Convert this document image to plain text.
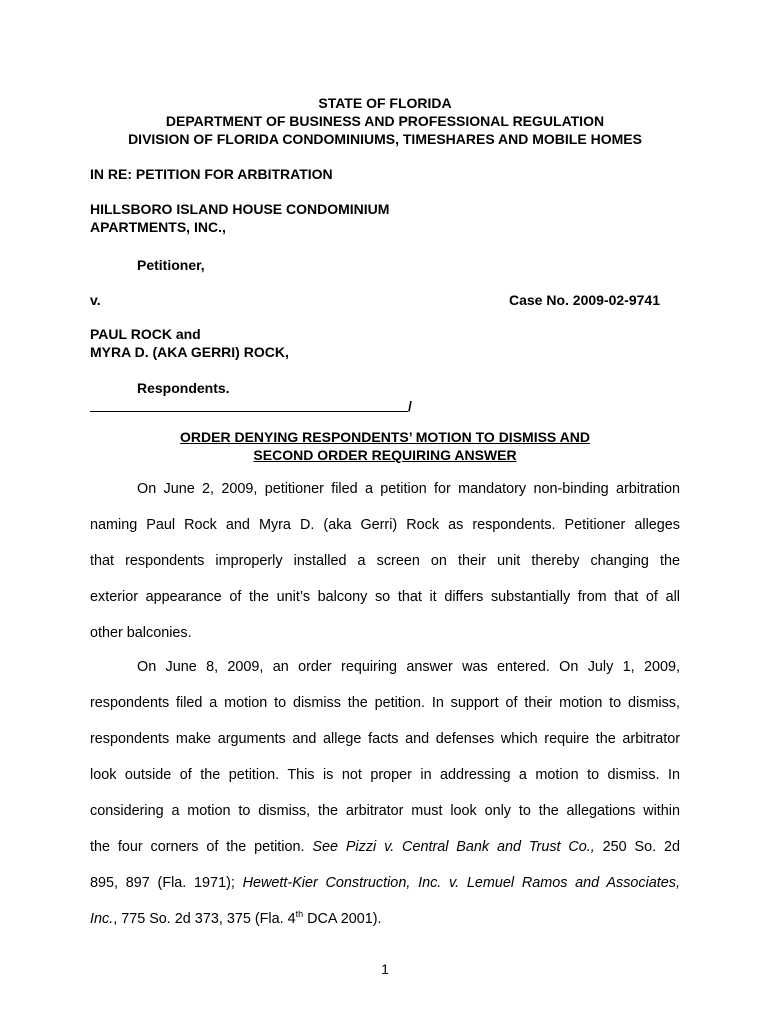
STATE OF FLORIDA
DEPARTMENT OF BUSINESS AND PROFESSIONAL REGULATION
DIVISION OF FLORIDA CONDOMINIUMS, TIMESHARES AND MOBILE HOMES
IN RE: PETITION FOR ARBITRATION
HILLSBORO ISLAND HOUSE CONDOMINIUM
APARTMENTS, INC.,
Petitioner,
v.	Case No. 2009-02-9741
PAUL ROCK and
MYRA D. (AKA GERRI) ROCK,
Respondents.
/
ORDER DENYING RESPONDENTS’ MOTION TO DISMISS AND
SECOND ORDER REQUIRING ANSWER
On June 2, 2009, petitioner filed a petition for mandatory non-binding arbitration
naming Paul Rock and Myra D. (aka Gerri) Rock as respondents. Petitioner alleges
that respondents improperly installed a screen on their unit thereby changing the
exterior appearance of the unit’s balcony so that it differs substantially from that of all
other balconies.
On June 8, 2009, an order requiring answer was entered. On July 1, 2009,
respondents filed a motion to dismiss the petition. In support of their motion to dismiss,
respondents make arguments and allege facts and defenses which require the arbitrator
look outside of the petition. This is not proper in addressing a motion to dismiss. In
considering a motion to dismiss, the arbitrator must look only to the allegations within
the four corners of the petition. See Pizzi v. Central Bank and Trust Co., 250 So. 2d
895, 897 (Fla. 1971); Hewett-Kier Construction, Inc. v. Lemuel Ramos and Associates,
Inc., 775 So. 2d 373, 375 (Fla. 4th DCA 2001).
1
